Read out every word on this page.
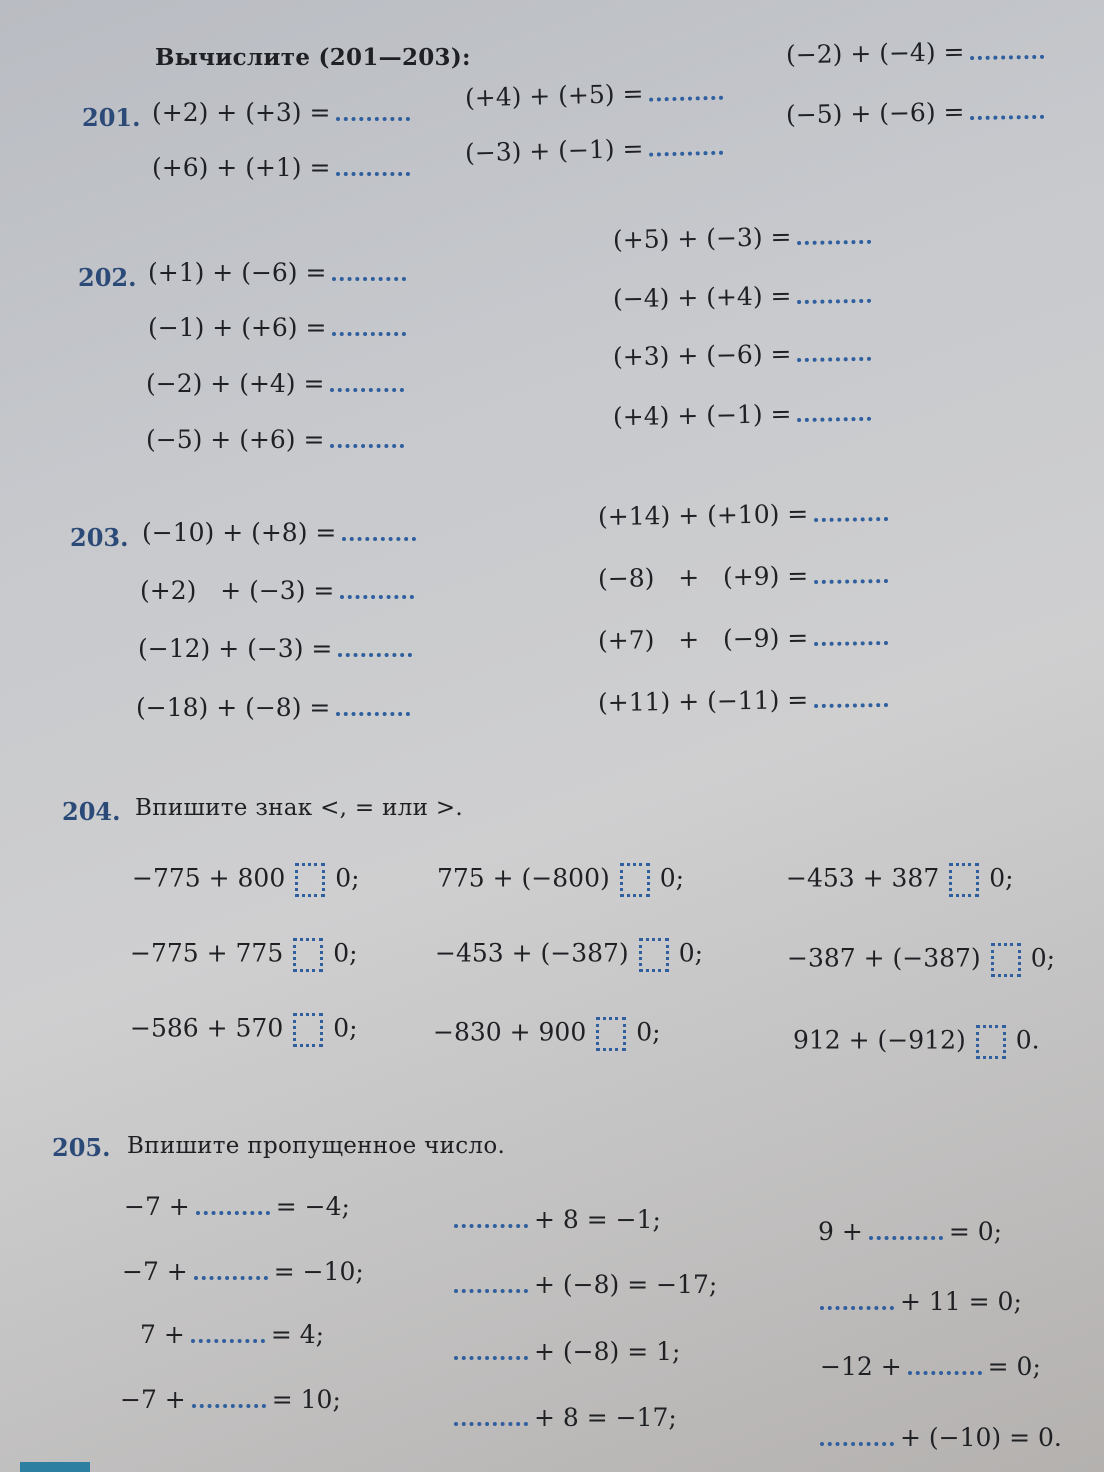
Вычислите (201—203):
201. (+2) + (+3) =
(+6) + (+1) =
(+4) + (+5) =
(−3) + (−1) =
(−2) + (−4) =
(−5) + (−6) =
202. (+1) + (−6) =
(−1) + (+6) =
(−2) + (+4) =
(−5) + (+6) =
(+5) + (−3) =
(−4) + (+4) =
(+3) + (−6) =
(+4) + (−1) =
203. (−10) + (+8) =
(+2)   + (−3) =
(−12) + (−3) =
(−18) + (−8) =
(+14) + (+10) =
(−8)   +   (+9) =
(+7)   +   (−9) =
(+11) + (−11) =
204. Впишите знак <, = или >.
−775 + 800 0;	775 + (−800) 0;	−453 + 387 0;
−775 + 775 0;	−453 + (−387) 0;	−387 + (−387) 0;
−586 + 570 0;	−830 + 900 0;	912 + (−912) 0.
205. Впишите пропущенное число.
−7 +	= −4;
−7 +	= −10;
7 +	= 4;
−7 +	= 10;
+ 8 = −1;
+ (−8) = −17;
+ (−8) = 1;
+ 8 = −17;
9 +	= 0;
+ 11 = 0;
−12 +	= 0;
+ (−10) = 0.
